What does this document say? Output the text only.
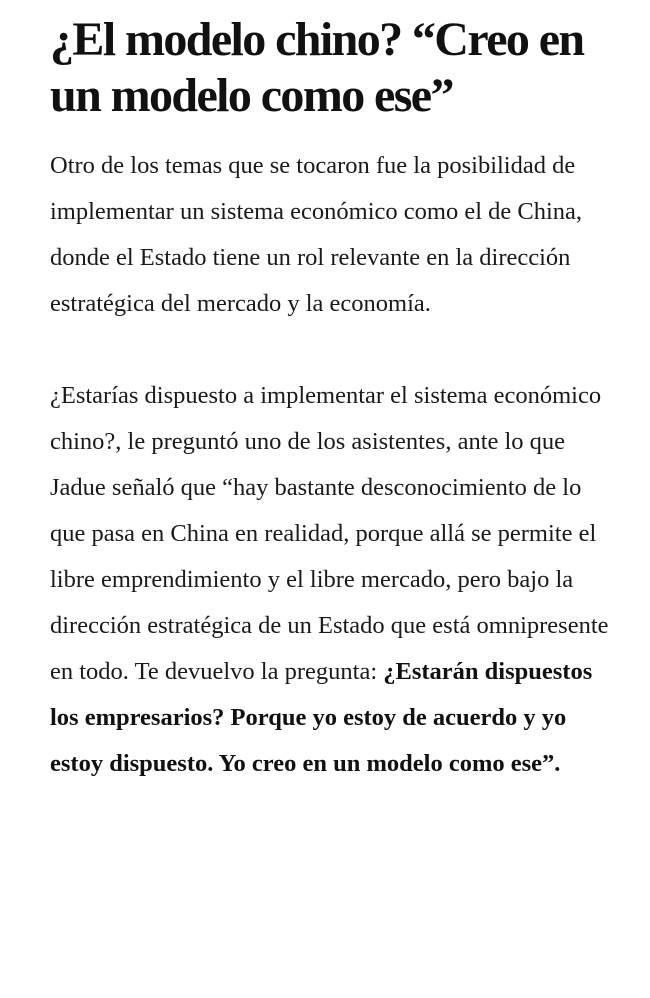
¿El modelo chino? “Creo en un modelo como ese”

Otro de los temas que se tocaron fue la posibilidad de implementar un sistema económico como el de China, donde el Estado tiene un rol relevante en la dirección estratégica del mercado y la economía.

¿Estarías dispuesto a implementar el sistema económico chino?, le preguntó uno de los asistentes, ante lo que Jadue señaló que “hay bastante desconocimiento de lo que pasa en China en realidad, porque allá se permite el libre emprendimiento y el libre mercado, pero bajo la dirección estratégica de un Estado que está omnipresente en todo. Te devuelvo la pregunta: ¿Estarán dispuestos los empresarios? Porque yo estoy de acuerdo y yo estoy dispuesto. Yo creo en un modelo como ese”.
